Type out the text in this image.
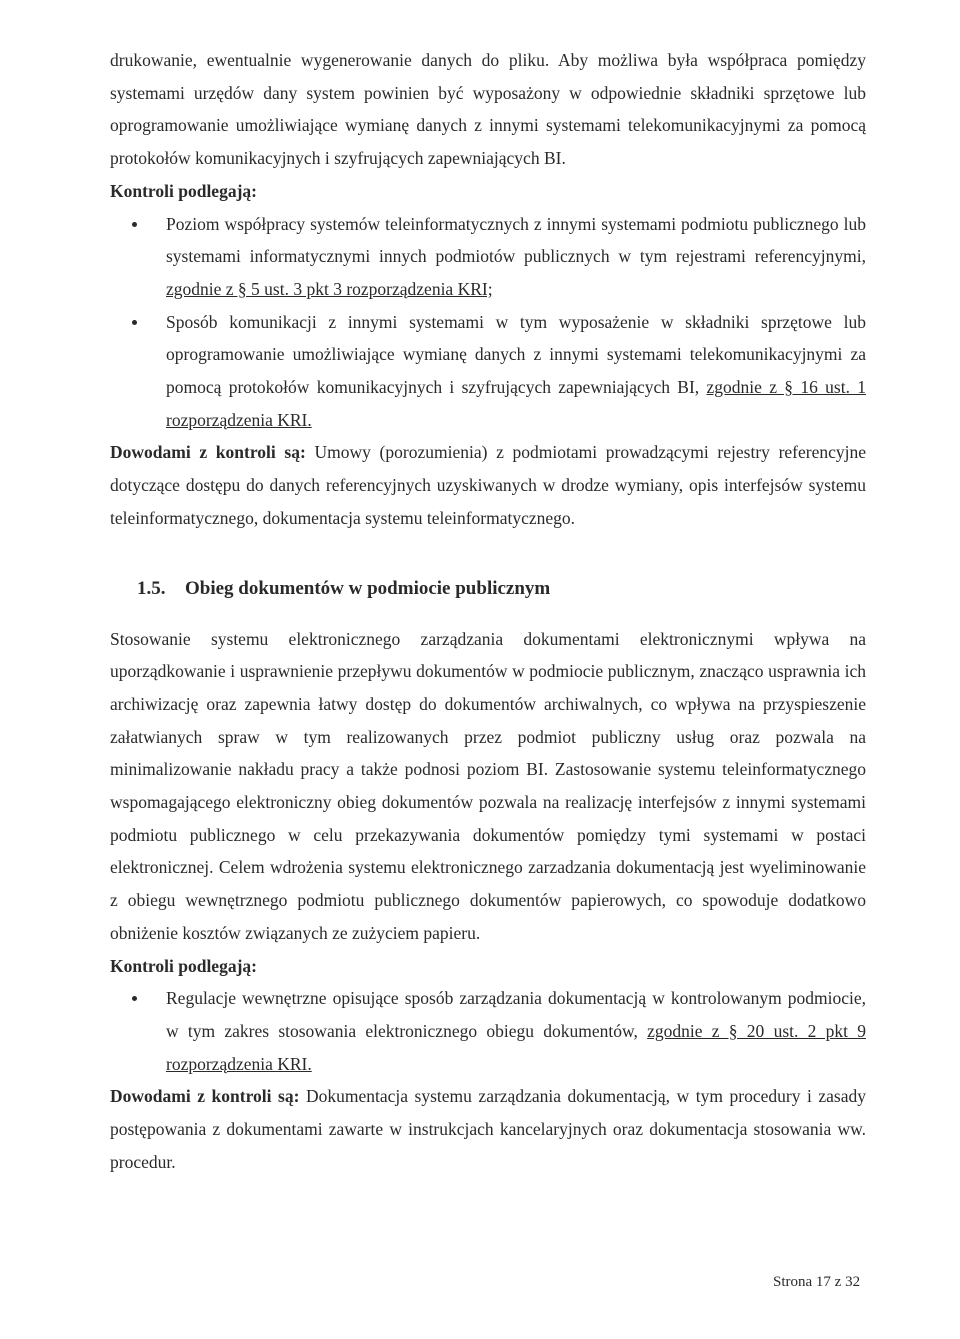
drukowanie, ewentualnie wygenerowanie danych do pliku. Aby możliwa była współpraca pomiędzy systemami urzędów dany system powinien być wyposażony w odpowiednie składniki sprzętowe lub oprogramowanie umożliwiające wymianę danych z innymi systemami telekomunikacyjnymi za pomocą protokołów komunikacyjnych i szyfrujących zapewniających BI.

Kontroli podlegają:

Poziom współpracy systemów teleinformatycznych z innymi systemami podmiotu publicznego lub systemami informatycznymi innych podmiotów publicznych w tym rejestrami referencyjnymi, zgodnie z § 5 ust. 3 pkt 3 rozporządzenia KRI;
Sposób komunikacji z innymi systemami w tym wyposażenie w składniki sprzętowe lub oprogramowanie umożliwiające wymianę danych z innymi systemami telekomunikacyjnymi za pomocą protokołów komunikacyjnych i szyfrujących zapewniających BI, zgodnie z § 16 ust. 1 rozporządzenia KRI.

Dowodami z kontroli są: Umowy (porozumienia) z podmiotami prowadzącymi rejestry referencyjne dotyczące dostępu do danych referencyjnych uzyskiwanych w drodze wymiany, opis interfejsów systemu teleinformatycznego, dokumentacja systemu teleinformatycznego.

1.5. Obieg dokumentów w podmiocie publicznym

Stosowanie systemu elektronicznego zarządzania dokumentami elektronicznymi wpływa na uporządkowanie i usprawnienie przepływu dokumentów w podmiocie publicznym, znacząco usprawnia ich archiwizację oraz zapewnia łatwy dostęp do dokumentów archiwalnych, co wpływa na przyspieszenie załatwianych spraw w tym realizowanych przez podmiot publiczny usług oraz pozwala na minimalizowanie nakładu pracy a także podnosi poziom BI. Zastosowanie systemu teleinformatycznego wspomagającego elektroniczny obieg dokumentów pozwala na realizację interfejsów z innymi systemami podmiotu publicznego w celu przekazywania dokumentów pomiędzy tymi systemami w postaci elektronicznej. Celem wdrożenia systemu elektronicznego zarzadzania dokumentacją jest wyeliminowanie z obiegu wewnętrznego podmiotu publicznego dokumentów papierowych, co spowoduje dodatkowo obniżenie kosztów związanych ze zużyciem papieru.

Kontroli podlegają:

Regulacje wewnętrzne opisujące sposób zarządzania dokumentacją w kontrolowanym podmiocie, w tym zakres stosowania elektronicznego obiegu dokumentów, zgodnie z § 20 ust. 2 pkt 9 rozporządzenia KRI.

Dowodami z kontroli są: Dokumentacja systemu zarządzania dokumentacją, w tym procedury i zasady postępowania z dokumentami zawarte w instrukcjach kancelaryjnych oraz dokumentacja stosowania ww. procedur.

Strona 17 z 32
